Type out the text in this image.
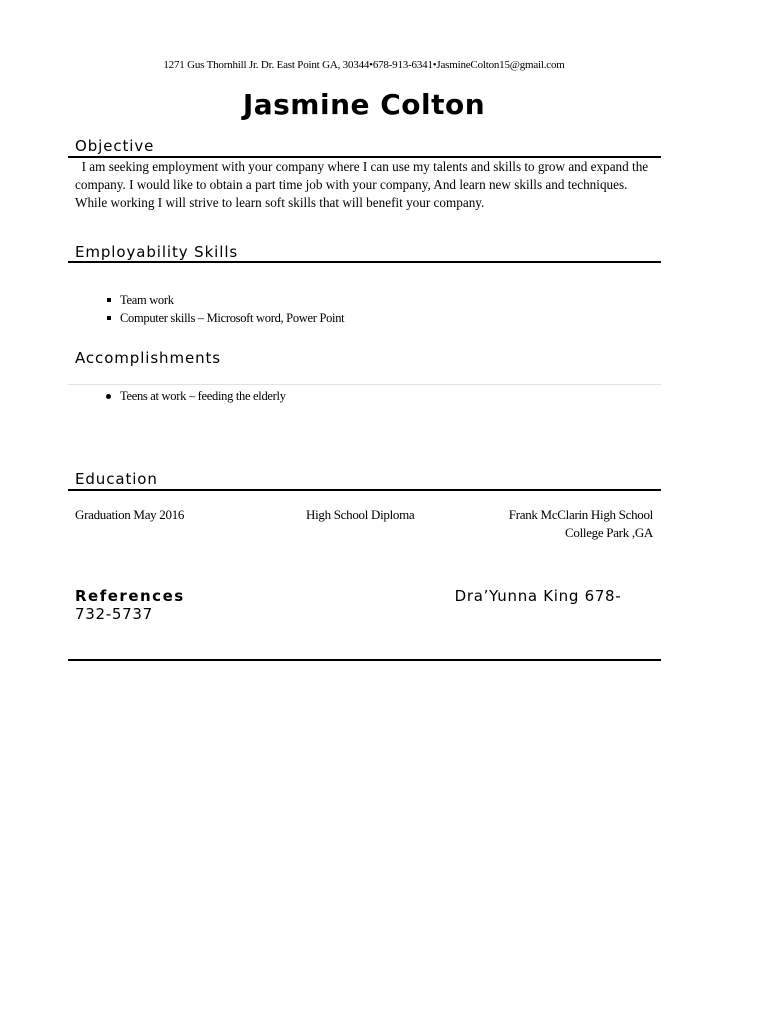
1271 Gus Thornhill Jr. Dr. East Point GA, 30344•678-913-6341•JasmineColton15@gmail.com
Jasmine Colton
Objective
I am seeking employment with your company where I can use my talents and skills to grow and expand the company. I would like to obtain a part time job with your company, And learn new skills and techniques. While working I will strive to learn soft skills that will benefit your company.
Employability Skills
Team work
Computer skills – Microsoft word, Power Point
Accomplishments
Teens at work – feeding the elderly
Education
Graduation May 2016	High School Diploma	Frank McClarin High School
College Park ,GA
References	Dra’Yunna King 678-732-5737
